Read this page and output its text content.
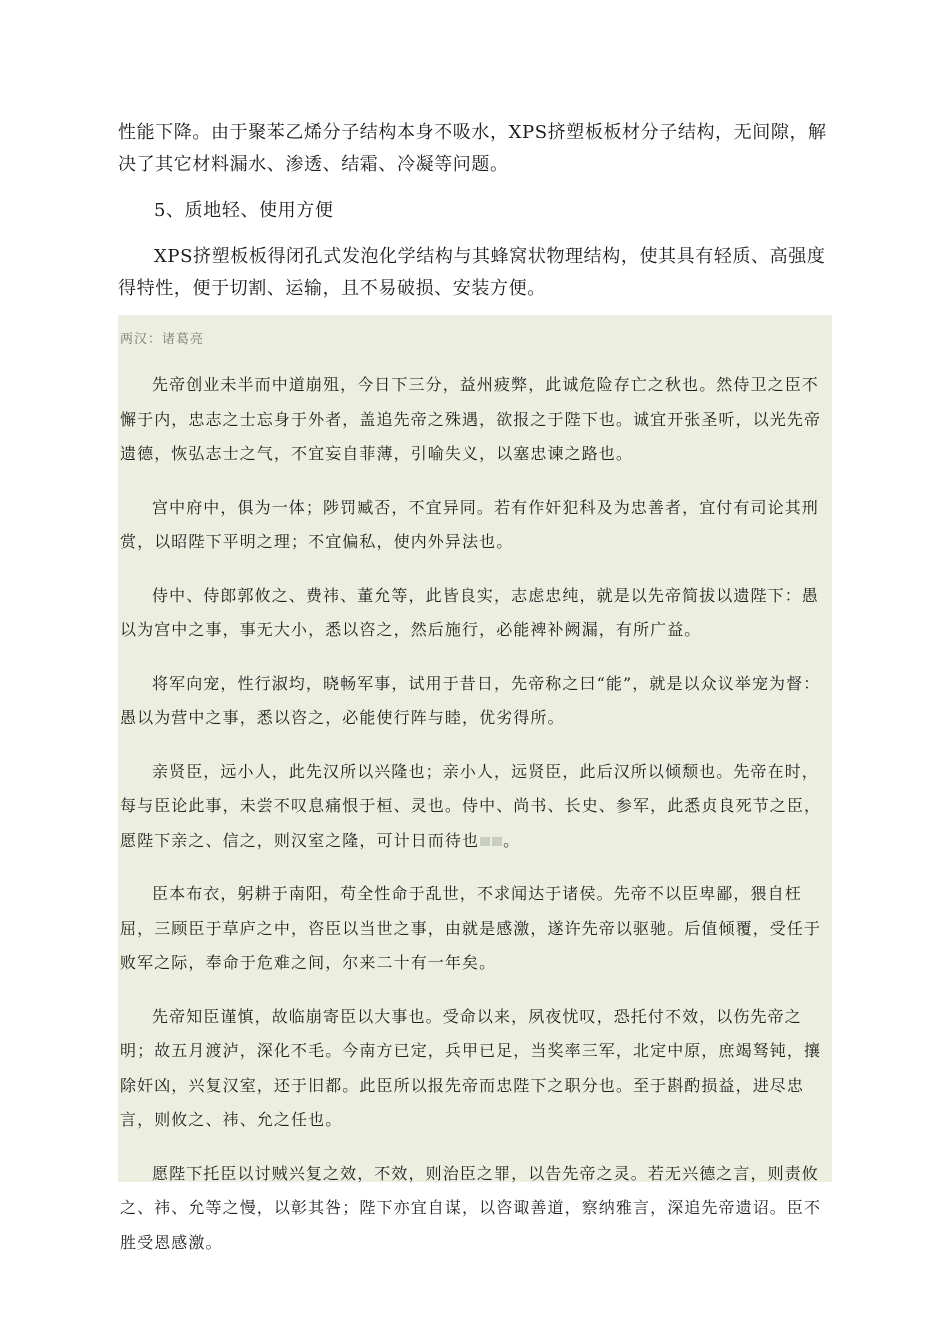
性能下降。由于聚苯乙烯分子结构本身不吸水，XPS挤塑板板材分子结构，无间隙，解决了其它材料漏水、渗透、结霜、冷凝等问题。

5、质地轻、使用方便

XPS挤塑板板得闭孔式发泡化学结构与其蜂窝状物理结构，使其具有轻质、高强度得特性，便于切割、运输，且不易破损、安装方便。

两汉：诸葛亮

先帝创业未半而中道崩殂，今日下三分，益州疲弊，此诚危险存亡之秋也。然侍卫之臣不懈于内，忠志之士忘身于外者，盖追先帝之殊遇，欲报之于陛下也。诚宜开张圣听，以光先帝遗德，恢弘志士之气，不宜妄自菲薄，引喻失义，以塞忠谏之路也。

宫中府中，俱为一体；陟罚臧否，不宜异同。若有作奸犯科及为忠善者，宜付有司论其刑赏，以昭陛下平明之理；不宜偏私，使内外异法也。

侍中、侍郎郭攸之、费祎、董允等，此皆良实，志虑忠纯，就是以先帝简拔以遗陛下：愚以为宫中之事，事无大小，悉以咨之，然后施行，必能裨补阙漏，有所广益。

将军向宠，性行淑均，晓畅军事，试用于昔日，先帝称之曰“能”，就是以众议举宠为督：愚以为营中之事，悉以咨之，必能使行阵与睦，优劣得所。

亲贤臣，远小人，此先汉所以兴隆也；亲小人，远贤臣，此后汉所以倾颓也。先帝在时，每与臣论此事，未尝不叹息痛恨于桓、灵也。侍中、尚书、长史、参军，此悉贞良死节之臣，愿陛下亲之、信之，则汉室之隆，可计日而待也 。

臣本布衣，躬耕于南阳，苟全性命于乱世，不求闻达于诸侯。先帝不以臣卑鄙，猥自枉屈，三顾臣于草庐之中，咨臣以当世之事，由就是感激，遂许先帝以驱驰。后值倾覆，受任于败军之际，奉命于危难之间，尔来二十有一年矣。

先帝知臣谨慎，故临崩寄臣以大事也。受命以来，夙夜忧叹，恐托付不效，以伤先帝之明；故五月渡泸，深化不毛。今南方已定，兵甲已足，当奖率三军，北定中原，庶竭驽钝，攘除奸凶，兴复汉室，还于旧都。此臣所以报先帝而忠陛下之职分也。至于斟酌损益，进尽忠言，则攸之、祎、允之任也。

愿陛下托臣以讨贼兴复之效，不效，则治臣之罪，以告先帝之灵。若无兴德之言，则责攸之、祎、允等之慢，以彰其咎；陛下亦宜自谋，以咨诹善道，察纳雅言，深追先帝遗诏。臣不胜受恩感激。
